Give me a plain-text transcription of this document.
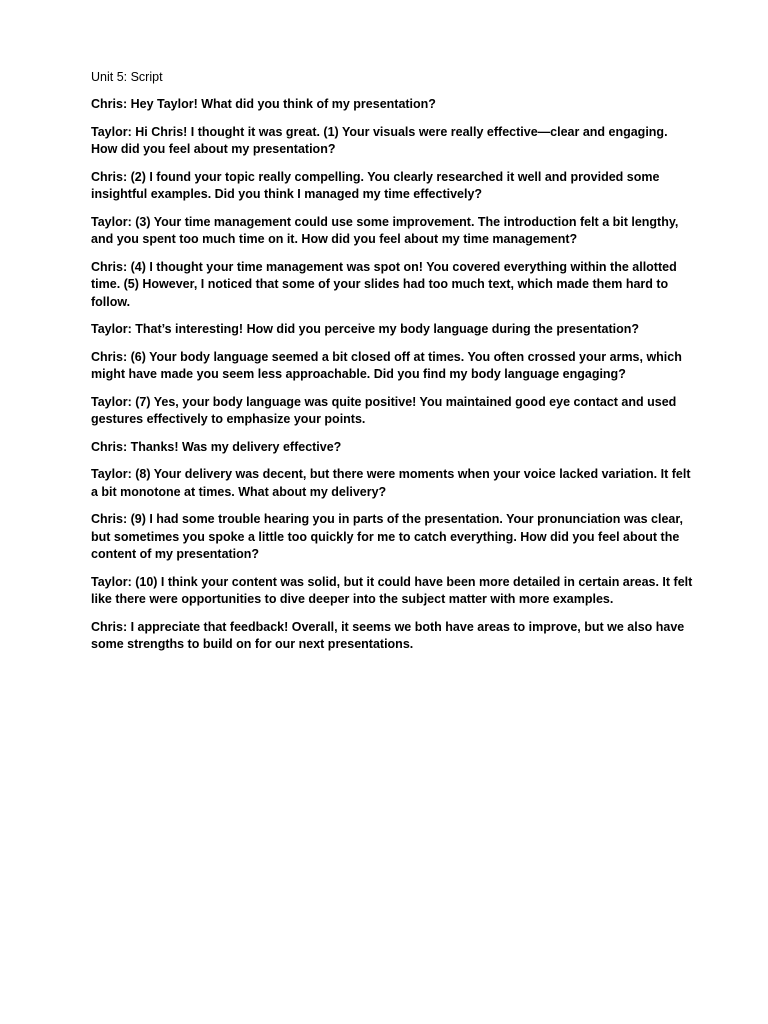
Unit 5: Script

Chris: Hey Taylor! What did you think of my presentation?

Taylor: Hi Chris! I thought it was great. (1) Your visuals were really effective—clear and engaging. How did you feel about my presentation?

Chris: (2) I found your topic really compelling. You clearly researched it well and provided some insightful examples. Did you think I managed my time effectively?

Taylor: (3) Your time management could use some improvement. The introduction felt a bit lengthy, and you spent too much time on it. How did you feel about my time management?

Chris: (4) I thought your time management was spot on! You covered everything within the allotted time. (5) However, I noticed that some of your slides had too much text, which made them hard to follow.

Taylor: That’s interesting! How did you perceive my body language during the presentation?

Chris: (6) Your body language seemed a bit closed off at times. You often crossed your arms, which might have made you seem less approachable. Did you find my body language engaging?

Taylor: (7) Yes, your body language was quite positive! You maintained good eye contact and used gestures effectively to emphasize your points.

Chris: Thanks! Was my delivery effective?

Taylor: (8) Your delivery was decent, but there were moments when your voice lacked variation. It felt a bit monotone at times. What about my delivery?

Chris: (9) I had some trouble hearing you in parts of the presentation. Your pronunciation was clear, but sometimes you spoke a little too quickly for me to catch everything. How did you feel about the content of my presentation?

Taylor: (10) I think your content was solid, but it could have been more detailed in certain areas. It felt like there were opportunities to dive deeper into the subject matter with more examples.

Chris: I appreciate that feedback! Overall, it seems we both have areas to improve, but we also have some strengths to build on for our next presentations.
